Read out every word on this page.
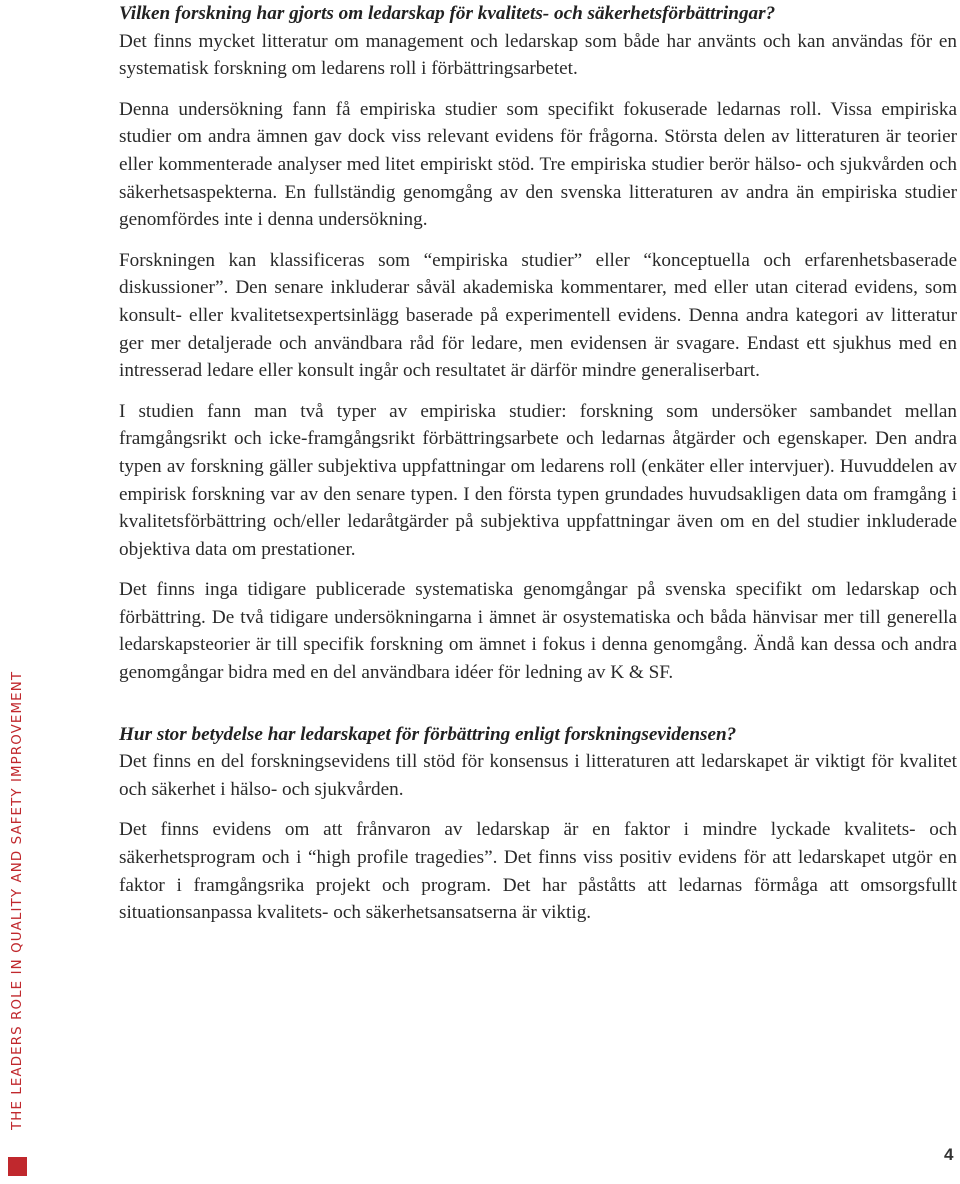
THE LEADERS ROLE IN QUALITY AND SAFETY IMPROVEMENT
4

Vilken forskning har gjorts om ledarskap för kvalitets- och säkerhetsförbättringar?

Det finns mycket litteratur om management och ledarskap som både har använts och kan användas för en systematisk forskning om ledarens roll i förbättringsarbetet.

Denna undersökning fann få empiriska studier som specifikt fokuserade ledarnas roll. Vissa empiriska studier om andra ämnen gav dock viss relevant evidens för frågorna. Största delen av litteraturen är teorier eller kommenterade analyser med litet empiriskt stöd. Tre empiriska studier berör hälso- och sjukvården och säkerhetsaspekterna. En fullständig genomgång av den svenska litteraturen av andra än empiriska studier genomfördes inte i denna undersökning.

Forskningen kan klassificeras som “empiriska studier” eller “konceptuella och erfarenhetsbaserade diskussioner”. Den senare inkluderar såväl akademiska kommentarer, med eller utan citerad evidens, som konsult- eller kvalitetsexpertsinlägg baserade på experimentell evidens. Denna andra kategori av litteratur ger mer detaljerade och användbara råd för ledare, men evidensen är svagare. Endast ett sjukhus med en intresserad ledare eller konsult ingår och resultatet är därför mindre generaliserbart.

I studien fann man två typer av empiriska studier: forskning som undersöker sambandet mellan framgångsrikt och icke-framgångsrikt förbättringsarbete och ledarnas åtgärder och egenskaper. Den andra typen av forskning gäller subjektiva uppfattningar om ledarens roll (enkäter eller intervjuer). Huvuddelen av empirisk forskning var av den senare typen. I den första typen grundades huvudsakligen data om framgång i kvalitetsförbättring och/eller ledaråtgärder på subjektiva uppfattningar även om en del studier inkluderade objektiva data om prestationer.

Det finns inga tidigare publicerade systematiska genomgångar på svenska specifikt om ledarskap och förbättring. De två tidigare undersökningarna i ämnet är osystematiska och båda hänvisar mer till generella ledarskapsteorier är till specifik forskning om ämnet i fokus i denna genomgång. Ändå kan dessa och andra genomgångar bidra med en del användbara idéer för ledning av K & SF.

Hur stor betydelse har ledarskapet för förbättring enligt forskningsevidensen?

Det finns en del forskningsevidens till stöd för konsensus i litteraturen att ledarskapet är viktigt för kvalitet och säkerhet i hälso- och sjukvården.

Det finns evidens om att frånvaron av ledarskap är en faktor i mindre lyckade kvalitets- och säkerhetsprogram och i “high profile tragedies”. Det finns viss positiv evidens för att ledarskapet utgör en faktor i framgångsrika projekt och program. Det har påståtts att ledarnas förmåga att omsorgsfullt situationsanpassa kvalitets- och säkerhetsansatserna är viktig.
